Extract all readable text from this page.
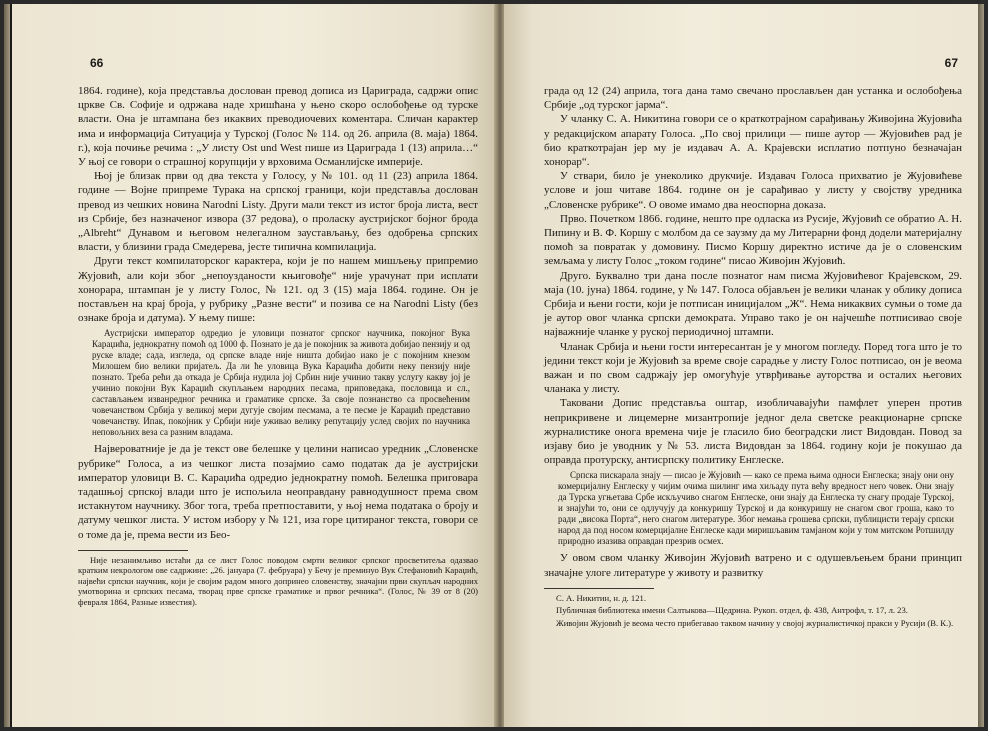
66

1864. године), која представља дослован превод дописа из Цариграда, садржи опис цркве Св. Софије и одржава наде хришћана у њено скоро ослобођење од турске власти. Она је штампана без икаквих преводиочевих коментара. Сличан карактер има и информација Ситуација у Турској (Голос № 114. од 26. априла (8. маја) 1864. г.), која почиње речима : „У листу Ost und West пише из Цариграда 1 (13) априла…“ У њој се говори о страшној корупцији у врховима Османлијске империје.

Њој је близак први од два текста у Голосу, у № 101. од 11 (23) априла 1864. године — Војне припреме Турака на српској граници, који представља дослован превод из чешких новина Narodni Listy. Други мали текст из истог броја листа, вест из Србије, без назначеног извора (37 редова), о проласку аустријског бојног брода „Albreht“ Дунавом и његовом нелегалном заустављању, без одобрења српских власти, у близини града Смедерева, јесте типична компилација.

Други текст компилаторског карактера, који је по нашем мишљењу припремио Жујовић, али који због „непоузданости књиговође“ није урачунат при исплати хонорара, штампан је у листу Голос, № 121. од 3 (15) маја 1864. године. Он је постављен на крај броја, у рубрику „Разне вести“ и позива се на Narodni Listy (без ознаке броја и датума). У њему пише:

Аустријски император одредио је уловици познатог српског научника, покојног Вука Караџића, једнократну помоћ од 1000 ф. Познато је да је покојник за живота добијао пензију и од руске владе; сада, изгледа, од српске владе није ништа добијао иако је с покојним кнезом Милошем био велики пријатељ. Да ли ће уловица Вука Караџића добити неку пензију није познато. Треба рећи да откада је Србија нудила јој Србин није учинио такву услугу какву јој је учинио покојни Вук Караџић скупљањем народних песама, приповедака, пословица и сл., састављањем изванредног речника и граматике српске. За своје познанство са просвећеним човечанством Србија у великој мери дугује својим песмама, а те песме је Караџић представио човечанству. Ипак, покојник у Србији није уживао велику репутацију услед својих по научника неповољних веза са разним владама.

Највероватније је да је текст ове белешке у целини написао уредник „Словенске рубрике“ Голоса, а из чешког листа позајмио само податак да је аустријски император уловици В. С. Караџића одредио једнократну помоћ. Белешка приговара тадашњој српској влади што је испољила неоправдану равнодушност према свом истакнутом научнику. Због тога, треба претпоставити, у њој нема података о броју и датуму чешког листа. У истом избору у № 121, иза горе цитираног текста, говори се о томе да је, према вести из Бео-

Није незанимљиво истаћи да се лист Голос поводом смрти великог српског просветитеља одазвао кратким некрологом ове садржине: „26. јануара (7. фебруара) у Бечу је преминуо Вук Стефановић Караџић, највећи српски научник, који је својим радом много допринео словенству, значајни први скупљач народних умотворина и српских песама, творац прве српске граматике и првог речника“. (Голос, № 39 от 8 (20) февраля 1864, Разные известия).

67

града од 12 (24) априла, тога дана тамо свечано прослављен дан устанка и ослобођења Србије „од турског јарма“.

У чланку С. А. Никитина говори се о краткотрајном сарађивању Живојина Жујовића у редакцијском апарату Голоса. „По свој прилици — пише аутор — Жујовићев рад је био краткотрајан јер му је издавач А. А. Крајевски исплатио потпуно безначајан хонорар“.

У ствари, било је унеколико друкчије. Издавач Голоса прихватио је Жујовићеве услове и још читаве 1864. године он је сарађивао у листу у својству уредника „Словенске рубрике“. О овоме имамо два неоспорна доказа.

Прво. Почетком 1866. године, нешто пре одласка из Русије, Жујовић се обратио А. Н. Пипину и В. Ф. Коршу с молбом да се заузму да му Литерарни фонд додели материјалну помоћ за повратак у домовину. Писмо Коршу директно истиче да је о словенским земљама у листу Голос „током године“ писао Живојин Жујовић.

Друго. Буквално три дана после познатог нам писма Жујовићевог Крајевском, 29. маја (10. јуна) 1864. године, у № 147. Голоса објављен је велики чланак у облику дописа Србија и њени гости, који је потписан иницијалом „Ж“. Нема никаквих сумњи о томе да је аутор овог чланка српски демократа. Управо такo је он најчешће потписивао своје најважније чланке у руској периодичној штампи.

Чланак Србија и њени гости интересантан је у многом погледу. Поред тога што је то једини текст који је Жујовић за време своје сарадње у листу Голос потписао, он је веома важан и по свом садржају јер омогућује утврђивање ауторства и осталих његових чланака у листу.

Таковани Допис представља оштар, изобличавајући памфлет уперен против неприкривене и лицемерне мизантропије једног дела светске реакционарне српске журналистике онога времена чије је гласило био београдски лист Видовдан. Повод за изјаву био је уводник у № 53. листа Видовдан за 1864. годину који је покушао да оправда протурску, антисрпску политику Енглеске.

Српска пискарала знају — писао је Жујовић — како се према њима односи Енглеска; знају они ону комерцијалну Енглеску у чијим очима шилинг има хиљаду пута већу вредност него човек. Они знају да Турска угњетава Србе искључиво снагом Енглеске, они знају да Енглеска ту снагу продаје Турској, и знајући то, они се одлучују да конкуришу Турској и да конкуришу не снагом свог гроша, како то ради „висока Порта“, него снагом литературе. Због немања грошева српски, публицисти терају српски народ да под носом комерцијалне Енглеске кади миришљавим тамјаном који у том митском Ротшилду природно изазива оправдан презрив осмех.

У овом свом чланку Живојин Жујовић ватрено и с одушевљењем брани принцип значајне улоге литературе у животу и развитку

С. А. Никитин, н. д. 121.

Публичная библиотека имени Салтыкова—Щедрина. Рукоп. отдел, ф. 438, Антрофл, т. 17, л. 23.

Живојин Жујовић је веома често прибегавао таквом начину у својој журналистичкој пракси у Русији (В. К.).
